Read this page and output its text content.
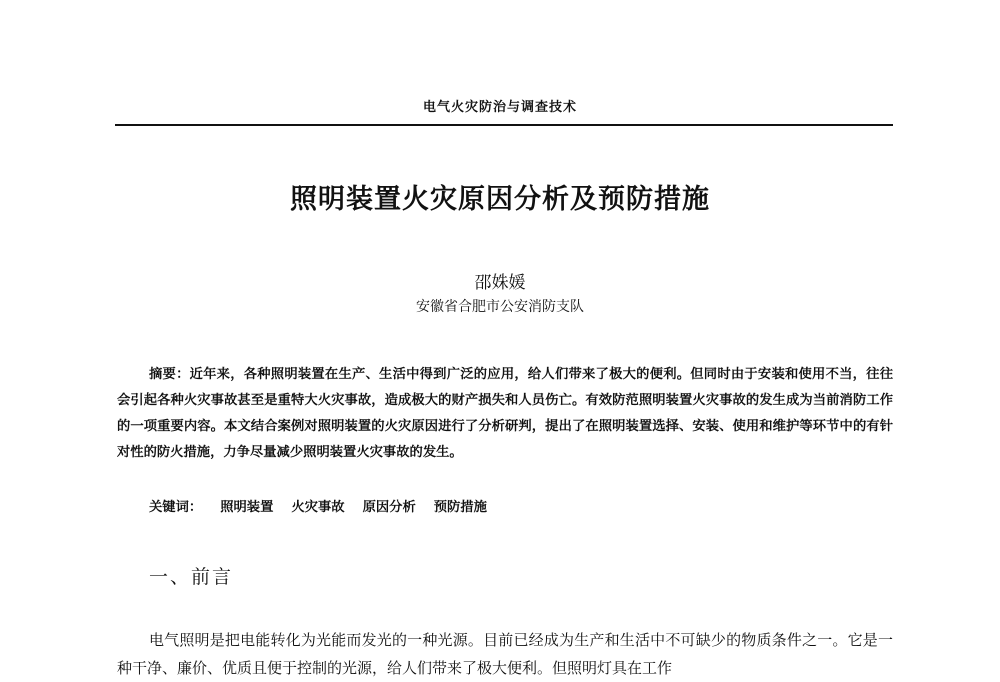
电气火灾防治与调查技术
照明装置火灾原因分析及预防措施
邵姝媛
安徽省合肥市公安消防支队
摘要：近年来，各种照明装置在生产、生活中得到广泛的应用，给人们带来了极大的便利。但同时由于安装和使用不当，往往会引起各种火灾事故甚至是重特大火灾事故，造成极大的财产损失和人员伤亡。有效防范照明装置火灾事故的发生成为当前消防工作的一项重要内容。本文结合案例对照明装置的火灾原因进行了分析研判，提出了在照明装置选择、安装、使用和维护等环节中的有针对性的防火措施，力争尽量减少照明装置火灾事故的发生。
关键词： 照明装置 火灾事故 原因分析 预防措施
一、前言
电气照明是把电能转化为光能而发光的一种光源。目前已经成为生产和生活中不可缺少的物质条件之一。它是一种干净、廉价、优质且便于控制的光源，给人们带来了极大便利。但照明灯具在工作
